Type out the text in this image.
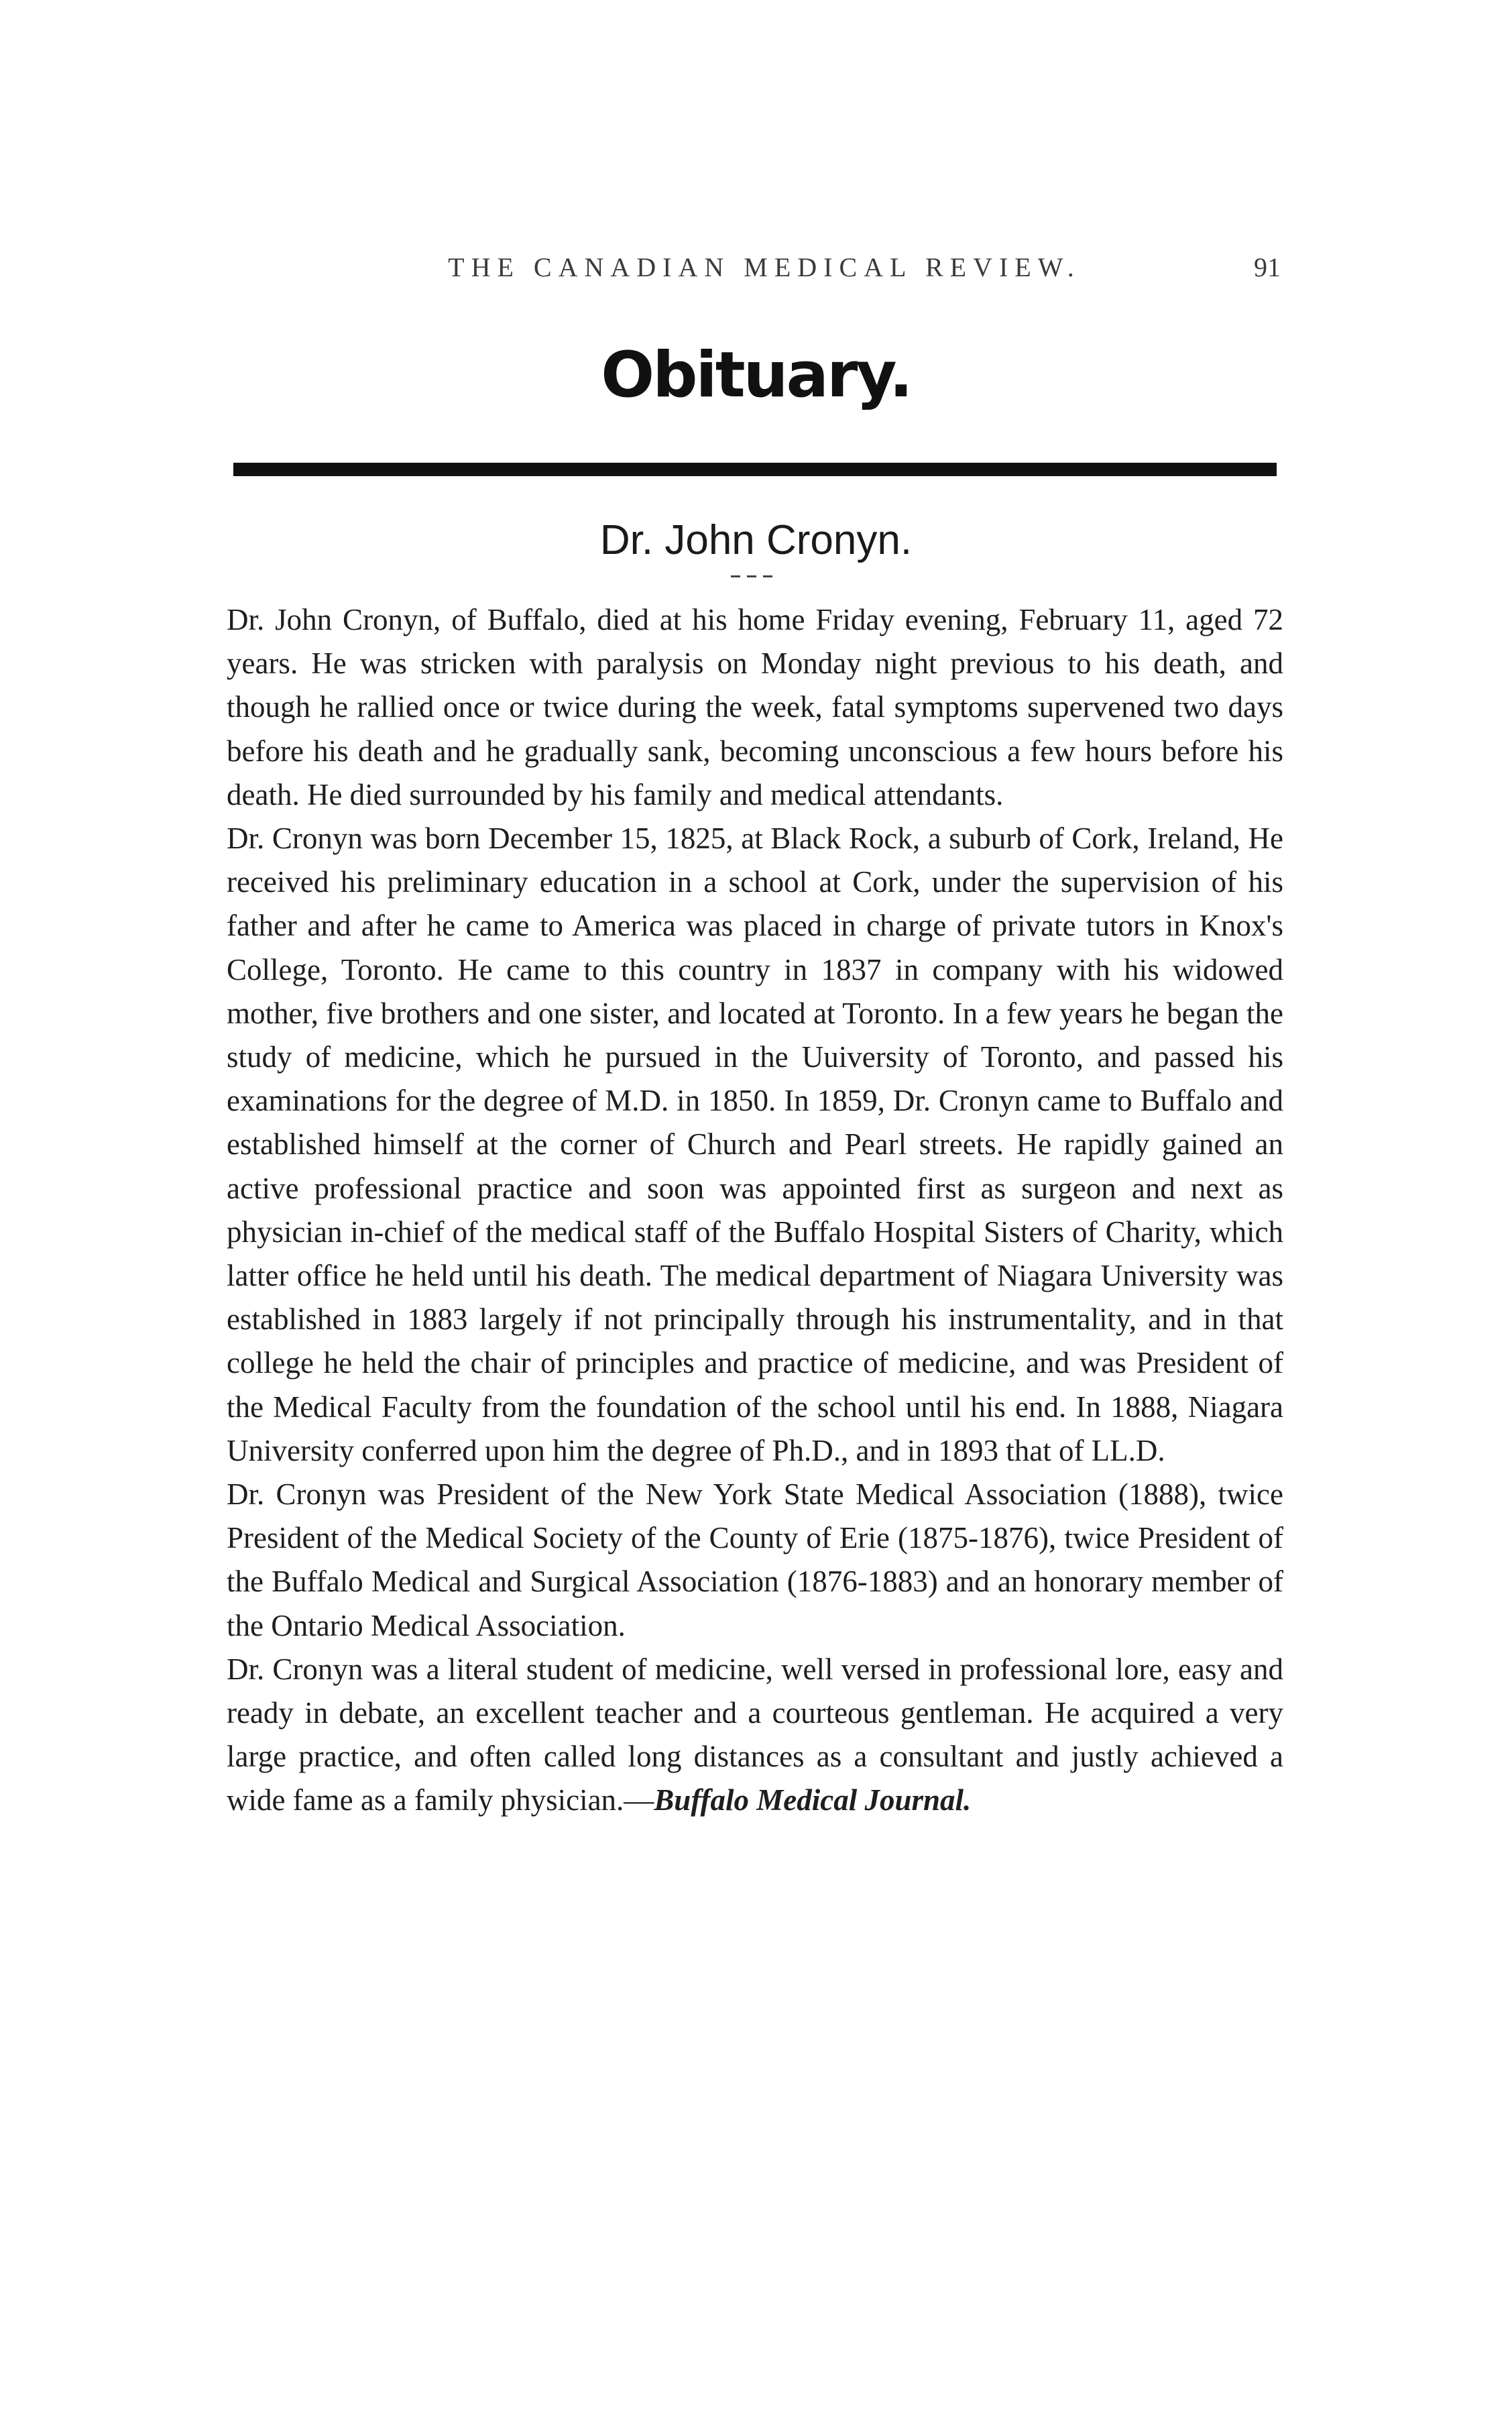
THE CANADIAN MEDICAL REVIEW.	91
Obituary.
Dr. John Cronyn.

Dr. John Cronyn, of Buffalo, died at his home Friday evening, February 11, aged 72 years. He was stricken with paralysis on Monday night previous to his death, and though he rallied once or twice during the week, fatal symptoms supervened two days before his death and he gradually sank, becoming unconscious a few hours before his death. He died surrounded by his family and medical attendants.

Dr. Cronyn was born December 15, 1825, at Black Rock, a suburb of Cork, Ireland, He received his preliminary education in a school at Cork, under the supervision of his father and after he came to America was placed in charge of private tutors in Knox's College, Toronto. He came to this country in 1837 in company with his widowed mother, five brothers and one sister, and located at Toronto. In a few years he began the study of medicine, which he pursued in the Uuiversity of Toronto, and passed his examinations for the degree of M.D. in 1850. In 1859, Dr. Cronyn came to Buffalo and established himself at the corner of Church and Pearl streets. He rapidly gained an active professional practice and soon was appointed first as surgeon and next as physician in-chief of the medical staff of the Buffalo Hospital Sisters of Charity, which latter office he held until his death. The medical department of Niagara University was established in 1883 largely if not principally through his instrumentality, and in that college he held the chair of principles and practice of medicine, and was President of the Medical Faculty from the foundation of the school until his end. In 1888, Niagara University conferred upon him the degree of Ph.D., and in 1893 that of LL.D.

Dr. Cronyn was President of the New York State Medical Association (1888), twice President of the Medical Society of the County of Erie (1875-1876), twice President of the Buffalo Medical and Surgical Association (1876-1883) and an honorary member of the Ontario Medical Association.

Dr. Cronyn was a literal student of medicine, well versed in professional lore, easy and ready in debate, an excellent teacher and a courteous gentleman. He acquired a very large practice, and often called long distances as a consultant and justly achieved a wide fame as a family physician.—Buffalo Medical Journal.
